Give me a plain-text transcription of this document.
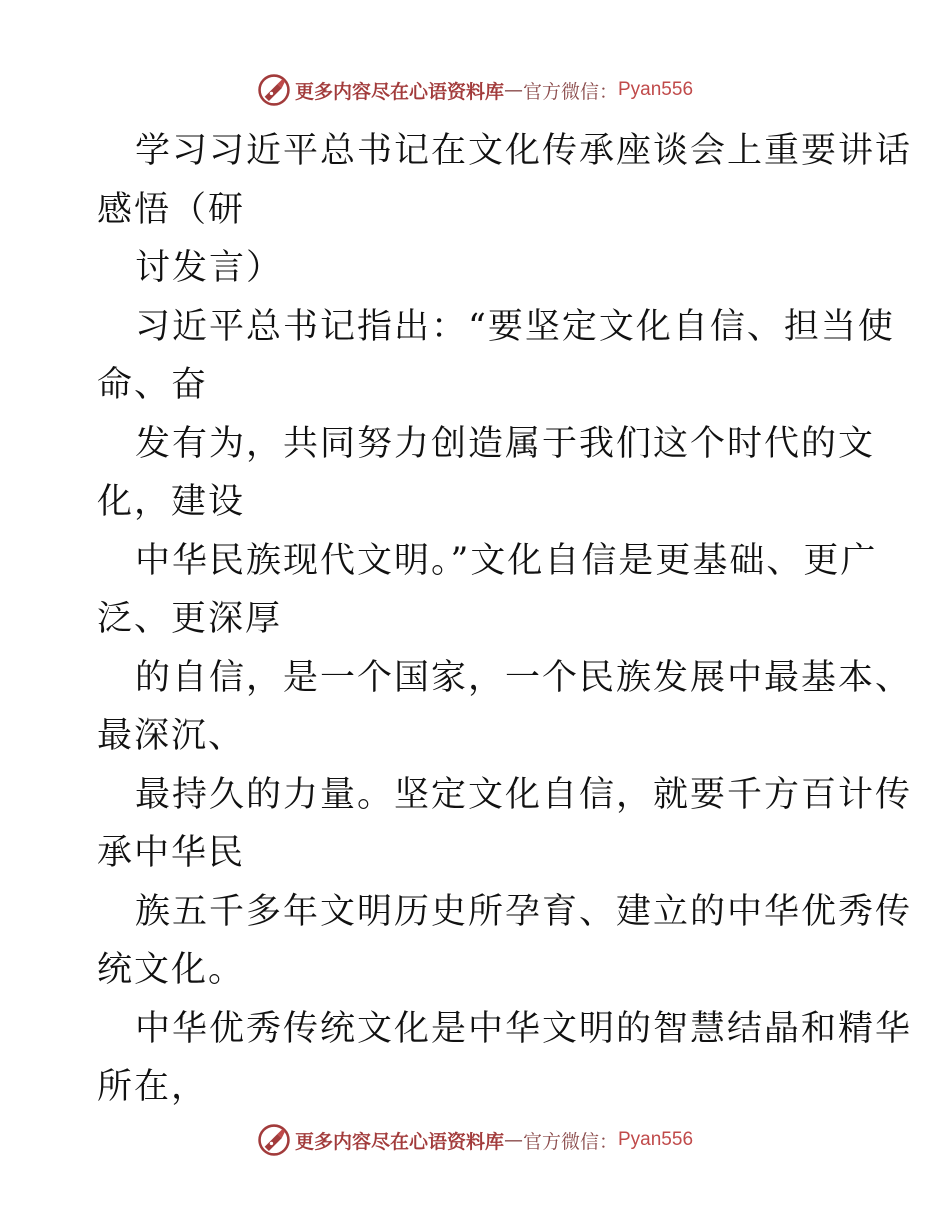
更多内容尽在心语资料库 — 官方微信： Pyan556
学习习近平总书记在文化传承座谈会上重要讲话
感悟（研
讨发言）
习近平总书记指出：“要坚定文化自信、担当使
命、奋
发有为，共同努力创造属于我们这个时代的文
化，建设
中华民族现代文明。”文化自信是更基础、更广
泛、更深厚
的自信，是一个国家，一个民族发展中最基本、
最深沉、
最持久的力量。坚定文化自信，就要千方百计传
承中华民
族五千多年文明历史所孕育、建立的中华优秀传
统文化。
中华优秀传统文化是中华文明的智慧结晶和精华
所在，
更多内容尽在心语资料库 — 官方微信： Pyan556
